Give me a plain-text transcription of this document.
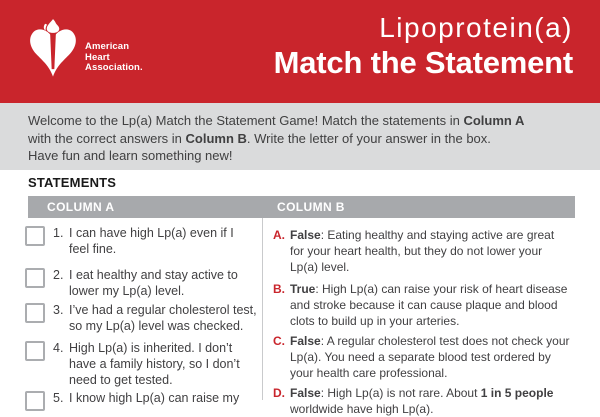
American
Heart
Association.
Lipoprotein(a)
Match the Statement

Welcome to the Lp(a) Match the Statement Game! Match the statements in Column A
with the correct answers in Column B. Write the letter of your answer in the box.
Have fun and learn something new!

STATEMENTS
COLUMN A	COLUMN B
1. I can have high Lp(a) even if I feel fine.
2. I eat healthy and stay active to lower my Lp(a) level.
3. I’ve had a regular cholesterol test, so my Lp(a) level was checked.
4. High Lp(a) is inherited. I don’t have a family history, so I don’t need to get tested.
5. I know high Lp(a) can raise my
A. False: Eating healthy and staying active are great for your heart health, but they do not lower your Lp(a) level.
B. True: High Lp(a) can raise your risk of heart disease and stroke because it can cause plaque and blood clots to build up in your arteries.
C. False: A regular cholesterol test does not check your Lp(a). You need a separate blood test ordered by your health care professional.
D. False: High Lp(a) is not rare. About 1 in 5 people worldwide have high Lp(a).
